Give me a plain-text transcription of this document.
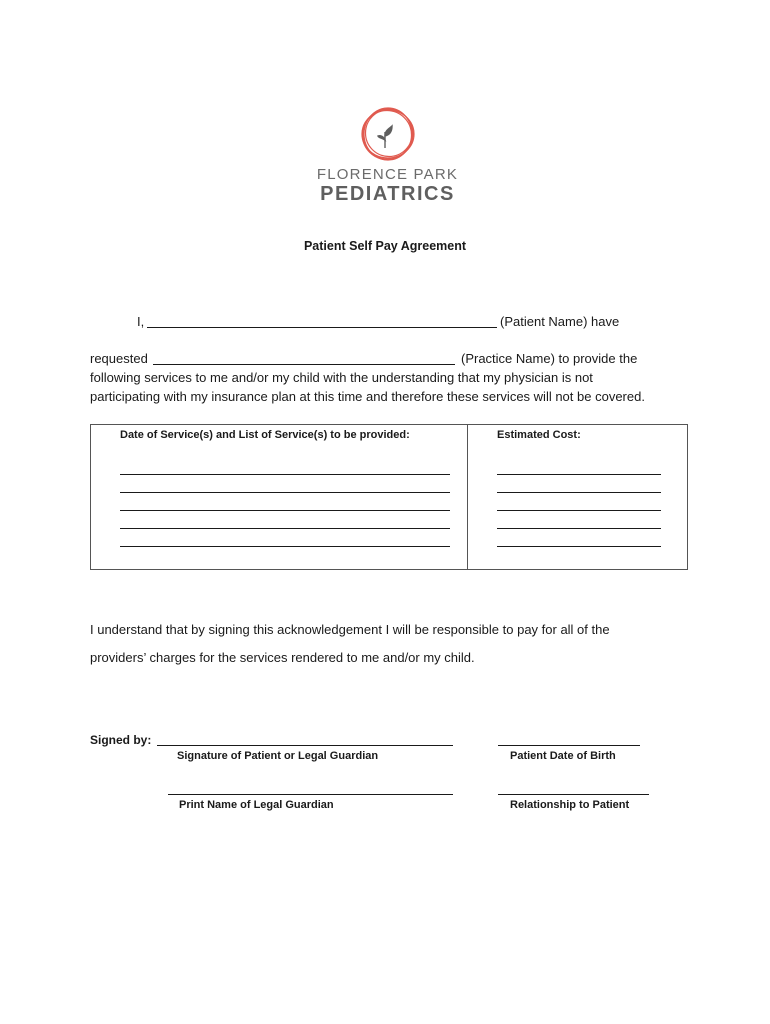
FLORENCE PARK
PEDIATRICS
Patient Self Pay Agreement
I,	(Patient Name) have
requested	(Practice Name) to provide the
following services to me and/or my child with the understanding that my physician is not
participating with my insurance plan at this time and therefore these services will not be covered.
Date of Service(s) and List of Service(s) to be provided:	Estimated Cost:
I understand that by signing this acknowledgement I will be responsible to pay for all of the
providers’ charges for the services rendered to me and/or my child.
Signed by:
Signature of Patient or Legal Guardian	Patient Date of Birth
Print Name of Legal Guardian	Relationship to Patient
